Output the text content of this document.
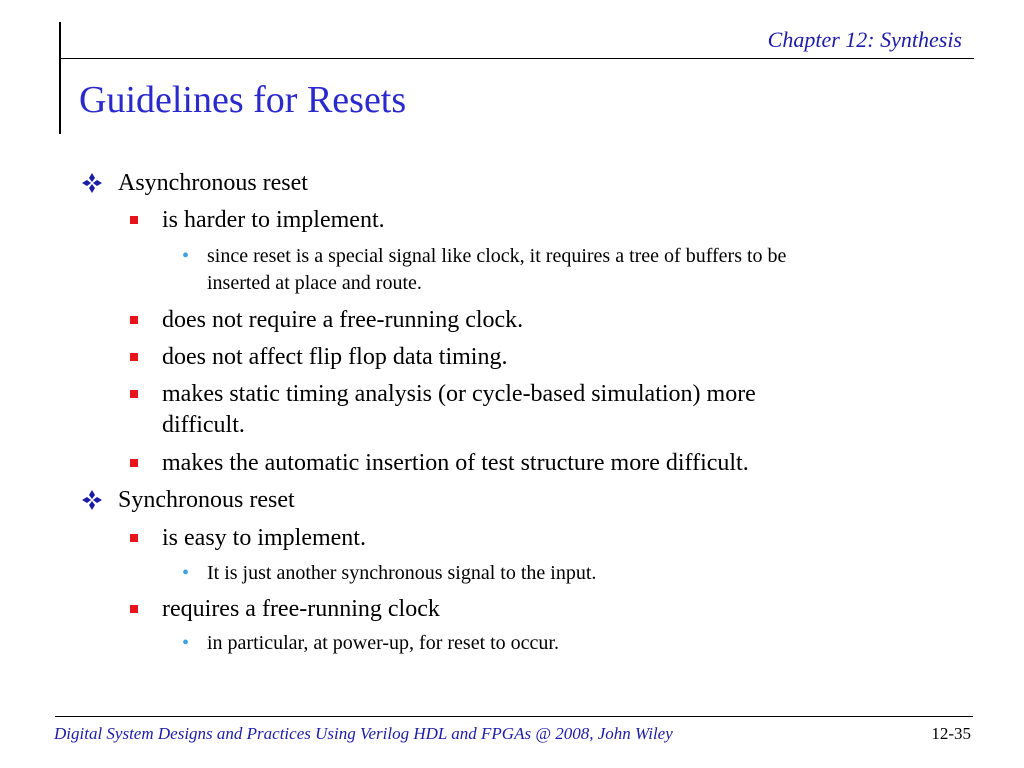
Chapter 12: Synthesis
Guidelines for Resets
Asynchronous reset
is harder to implement.
• since reset is a special signal like clock, it requires a tree of buffers to be
inserted at place and route.
does not require a free-running clock.
does not affect flip flop data timing.
makes static timing analysis (or cycle-based simulation) more
difficult.
makes the automatic insertion of test structure more difficult.
Synchronous reset
is easy to implement.
• It is just another synchronous signal to the input.
requires a free-running clock
• in particular, at power-up, for reset to occur.
Digital System Designs and Practices Using Verilog HDL and FPGAs @ 2008, John Wiley	12-35
